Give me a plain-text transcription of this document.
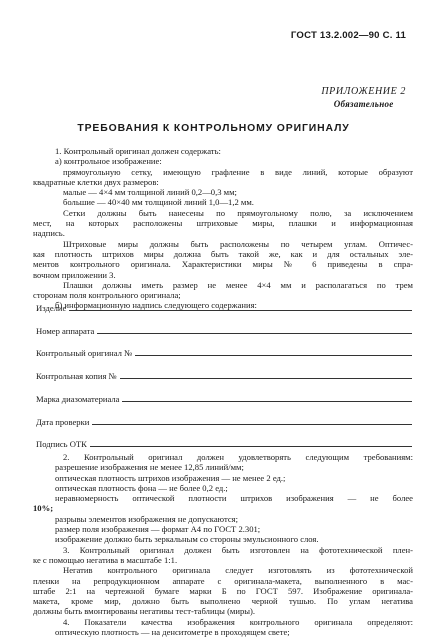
ГОСТ 13.2.002—90 С. 11
ПРИЛОЖЕНИЕ 2
Обязательное
ТРЕБОВАНИЯ К КОНТРОЛЬНОМУ ОРИГИНАЛУ

1. Контрольный оригинал должен содержать:

а) контрольное изображение:

прямоугольную сетку, имеющую графление в виде линий, которые образуют

квадратные клетки двух размеров:

малые — 4×4 мм толщиной линий 0,2—0,3 мм;

большие — 40×40 мм толщиной линий 1,0—1,2 мм.

Сетки должны быть нанесены по прямоугольному полю, за исключением

мест, на которых расположены штриховые миры, плашки и информационная

надпись.

Штриховые миры должны быть расположены по четырем углам. Оптичес-

кая плотность штрихов миры должна быть такой же, как и для остальных эле-

ментов контрольного оригинала. Характеристики миры № 6 приведены в спра-

вочном приложении 3.

Плашки должны иметь размер не менее 4×4 мм и располагаться по трем

сторонам поля контрольного оригинала;

б) информационную надпись следующего содержания:

Изделие
Номер аппарата
Контрольный оригинал №
Контрольная копия №
Марка диазоматериала
Дата проверки
Подпись ОТК

2. Контрольный оригинал должен удовлетворять следующим требованиям:

разрешение изображения не менее 12,85 линий/мм;

оптическая плотность штрихов изображения — не менее 2 ед.;

оптическая плотность фона — не более 0,2 ед.;

неравномерность оптической плотности штрихов изображения — не более

10%;

разрывы элементов изображения не допускаются;

размер поля изображения — формат А4 по ГОСТ 2.301;

изображение должно быть зеркальным со стороны эмульсионного слоя.

3. Контрольный оригинал должен быть изготовлен на фототехнической плен-

ке с помощью негатива в масштабе 1:1.

Негатив контрольного оригинала следует изготовлять из фототехнической

пленки на репродукционном аппарате с оригинала-макета, выполненного в мас-

штабе 2:1 на чертежной бумаге марки Б по ГОСТ 597. Изображение оригинала-

макета, кроме мир, должно быть выполнено черной тушью. По углам негатива

должны быть вмонтированы негативы тест-таблицы (миры).

4. Показатели качества изображения контрольного оригинала определяют:

оптическую плотность — на денситометре в проходящем свете;
